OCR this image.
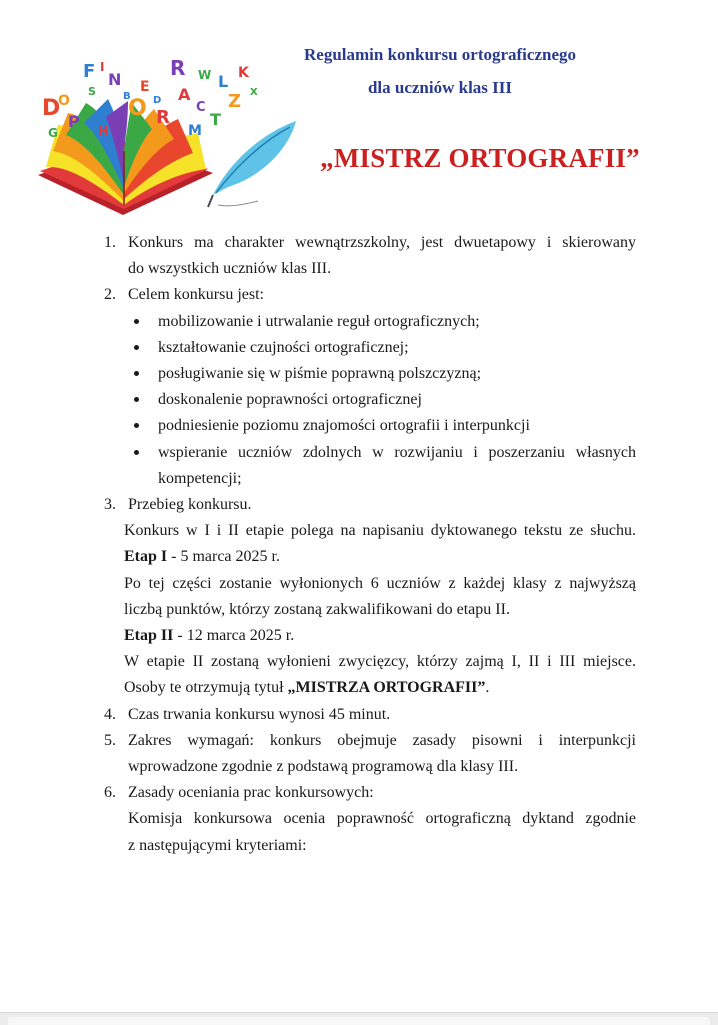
F I
N R W L K
X
Z
E
D A
C
T
O
D
P
O R
S	B
M
G	H
Regulamin konkursu ortograficznego
dla uczniów klas III
„MISTRZ ORTOGRAFII”
1. Konkurs ma charakter wewnątrzszkolny, jest dwuetapowy i skierowany
do wszystkich uczniów klas III.
2. Celem konkursu jest:
mobilizowanie i utrwalanie reguł ortograficznych;
kształtowanie czujności ortograficznej;
posługiwanie się w piśmie poprawną polszczyzną;
doskonalenie poprawności ortograficznej
podniesienie poziomu znajomości ortografii i interpunkcji
wspieranie uczniów zdolnych w rozwijaniu i poszerzaniu własnych kompetencji;
3. Przebieg konkursu.
Konkurs w I i II etapie polega na napisaniu dyktowanego tekstu ze słuchu.
Etap I - 5 marca 2025 r.
Po tej części zostanie wyłonionych 6 uczniów z każdej klasy z najwyższą
liczbą punktów, którzy zostaną zakwalifikowani do etapu II.
Etap II - 12 marca 2025 r.
W etapie II zostaną wyłonieni zwycięzcy, którzy zajmą I, II i III miejsce.
Osoby te otrzymują tytuł „MISTRZA ORTOGRAFII”.
4. Czas trwania konkursu wynosi 45 minut.
5. Zakres wymagań: konkurs obejmuje zasady pisowni i interpunkcji
wprowadzone zgodnie z podstawą programową dla klasy III.
6. Zasady oceniania prac konkursowych:
Komisja konkursowa ocenia poprawność ortograficzną dyktand zgodnie
z następującymi kryteriami:
